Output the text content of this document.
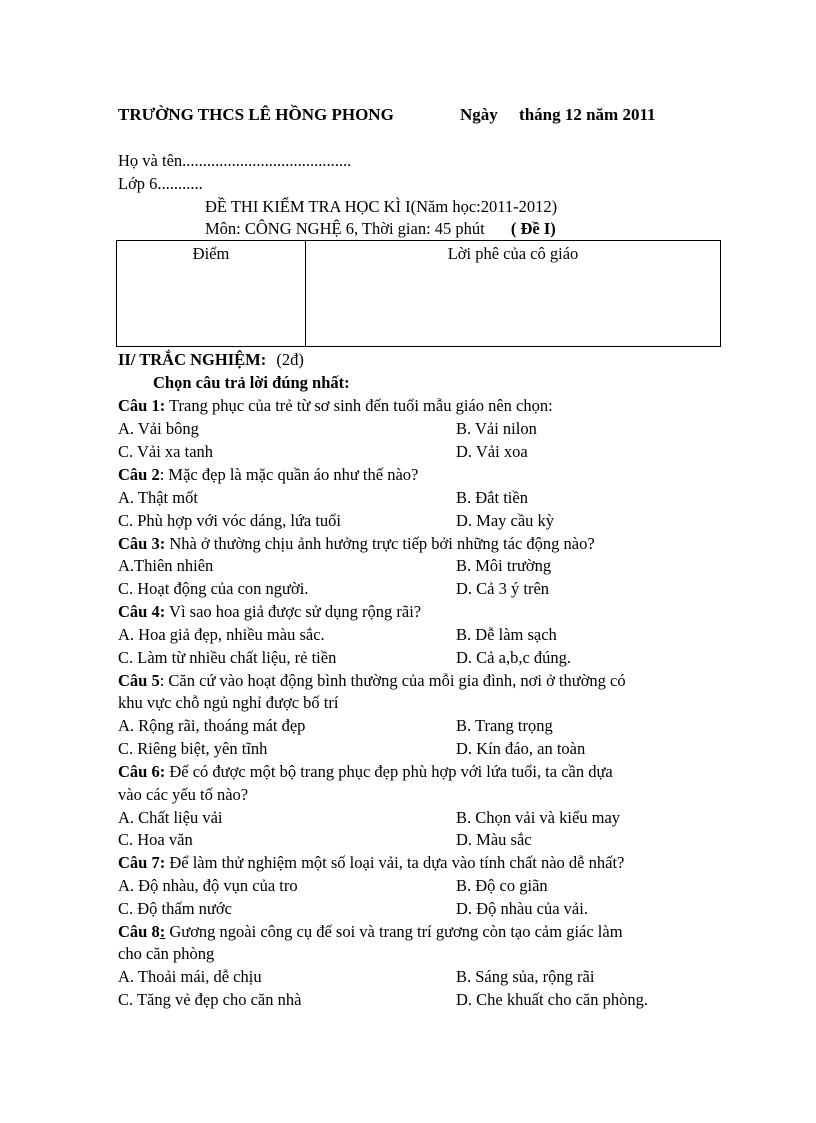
TRƯỜNG THCS LÊ HỒNG PHONG	Ngày     tháng 12 năm 2011
Họ và tên.........................................
Lớp 6...........
ĐỀ THI KIỂM TRA HỌC KÌ I(Năm học:2011-2012)
Môn: CÔNG NGHỆ 6, Thời gian: 45 phút ( Đề I)
Điểm	Lời phê của cô giáo
II/ TRẮC NGHIỆM: (2đ)
Chọn câu trả lời đúng nhất:
Câu 1: Trang phục của trẻ từ sơ sinh đến tuổi mẫu giáo nên chọn:
A. Vải bông	B. Vải nilon
C. Vải xa tanh	D. Vải xoa
Câu 2: Mặc đẹp là mặc quần áo như thế nào?
A. Thật mốt	B. Đắt tiền
C. Phù hợp với vóc dáng, lứa tuổi	D. May cầu kỳ
Câu 3: Nhà ở thường chịu ảnh hưởng trực tiếp bởi những tác động nào?
A.Thiên nhiên	B. Môi trường
C. Hoạt động của con người.	D. Cả 3 ý trên
Câu 4: Vì sao hoa giả được sử dụng rộng rãi?
A. Hoa giả đẹp, nhiều màu sắc.	B. Dễ làm sạch
C. Làm từ nhiều chất liệu, rẻ tiền	D. Cả a,b,c đúng.
Câu 5: Căn cứ vào hoạt động bình thường của mỗi gia đình, nơi ở thường có
khu vực chỗ ngủ nghỉ được bố trí
A. Rộng rãi, thoáng mát đẹp	B. Trang trọng
C. Riêng biệt, yên tĩnh	D. Kín đáo, an toàn
Câu 6: Để có được một bộ trang phục đẹp phù hợp với lứa tuổi, ta cần dựa
vào các yếu tố nào?
A. Chất liệu vải	B. Chọn vải và kiểu may
C. Hoa văn	D. Màu sắc
Câu 7: Để làm thử nghiệm một số loại vải, ta dựa vào tính chất nào dễ nhất?
A. Độ nhàu, độ vụn của tro	B. Độ co giãn
C. Độ thấm nước	D. Độ nhàu của vải.
Câu 8: Gương ngoài công cụ để soi và trang trí gương còn tạo cảm giác làm
cho căn phòng
A. Thoải mái, dễ chịu	B. Sáng sủa, rộng rãi
C. Tăng vẻ đẹp cho căn nhà	D. Che khuất cho căn phòng.
